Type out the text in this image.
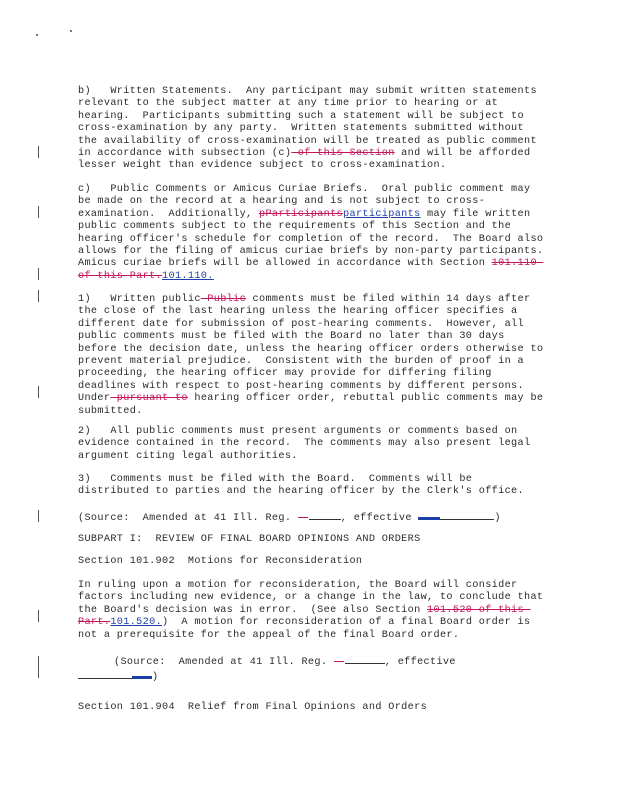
b)   Written Statements.  Any participant may submit written statements relevant to the subject matter at any time prior to hearing or at hearing.  Participants submitting such a statement will be subject to cross-examination by any party.  Written statements submitted without the availability of cross-examination will be treated as public comment in accordance with subsection (c) of this Section and will be afforded lesser weight than evidence subject to cross-examination.

c)   Public Comments or Amicus Curiae Briefs.  Oral public comment may be made on the record at a hearing and is not subject to cross-examination.  Additionally, pParticipantsparticipants may file written public comments subject to the requirements of this Section and the hearing officer's schedule for completion of the record.  The Board also allows for the filing of amicus curiae briefs by non-party participants.  Amicus curiae briefs will be allowed in accordance with Section 101.110 of this Part.101.110.

1)   Written public Public comments must be filed within 14 days after the close of the last hearing unless the hearing officer specifies a different date for submission of post-hearing comments.  However, all public comments must be filed with the Board no later than 30 days before the decision date, unless the hearing officer orders otherwise to prevent material prejudice.  Consistent with the burden of proof in a proceeding, the hearing officer may provide for differing filing deadlines with respect to post-hearing comments by different persons.  Under pursuant to hearing officer order, rebuttal public comments may be submitted.

2)   All public comments must present arguments or comments based on evidence contained in the record.  The comments may also present legal argument citing legal authorities.

3)   Comments must be filed with the Board.  Comments will be distributed to parties and the hearing officer by the Clerk's office.

(Source:  Amended at 41 Ill. Reg.	, effective	)

SUBPART I:  REVIEW OF FINAL BOARD OPINIONS AND ORDERS

Section 101.902  Motions for Reconsideration

In ruling upon a motion for reconsideration, the Board will consider factors including new evidence, or a change in the law, to conclude that the Board's decision was in error.  (See also Section 101.520 of this Part.101.520.)  A motion for reconsideration of a final Board order is not a prerequisite for the appeal of the final Board order.

(Source:  Amended at 41 Ill. Reg.	, effective
)

Section 101.904  Relief from Final Opinions and Orders
